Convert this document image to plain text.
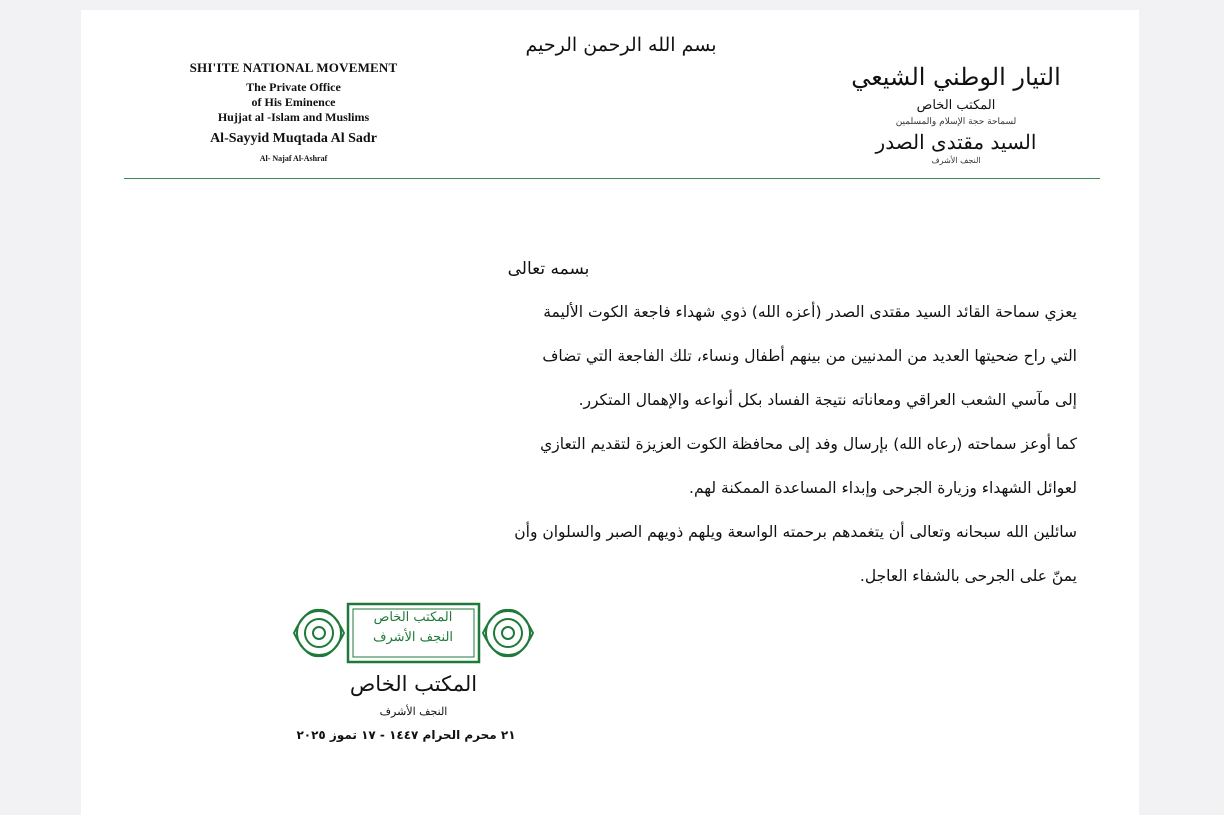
بسم الله الرحمن الرحيم
SHI'ITE NATIONAL MOVEMENT
The Private Office
of His Eminence
Hujjat al -Islam and Muslims
Al-Sayyid Muqtada Al Sadr
Al- Najaf Al-Ashraf
التيار الوطني الشيعي
المكتب الخاص
لسماحة حجة الإسلام والمسلمين
السيد مقتدى الصدر
النجف الأشرف
بسمه تعالى
يعزي سماحة القائد السيد مقتدى الصدر (أعزه الله) ذوي شهداء فاجعة الكوت الأليمة
التي راح ضحيتها العديد من المدنيين من بينهم أطفال ونساء، تلك الفاجعة التي تضاف
إلى مآسي الشعب العراقي ومعاناته نتيجة الفساد بكل أنواعه والإهمال المتكرر.
كما أوعز سماحته (رعاه الله) بإرسال وفد إلى محافظة الكوت العزيزة لتقديم التعازي
لعوائل الشهداء وزيارة الجرحى وإبداء المساعدة الممكنة لهم.
سائلين الله سبحانه وتعالى أن يتغمدهم برحمته الواسعة ويلهم ذويهم الصبر والسلوان وأن
يمنّ على الجرحى بالشفاء العاجل.
المكتب الخاص
النجف الأشرف
المكتب الخاص
النجف الأشرف
٢١ محرم الحرام ١٤٤٧ - ١٧ تموز ٢٠٢٥
